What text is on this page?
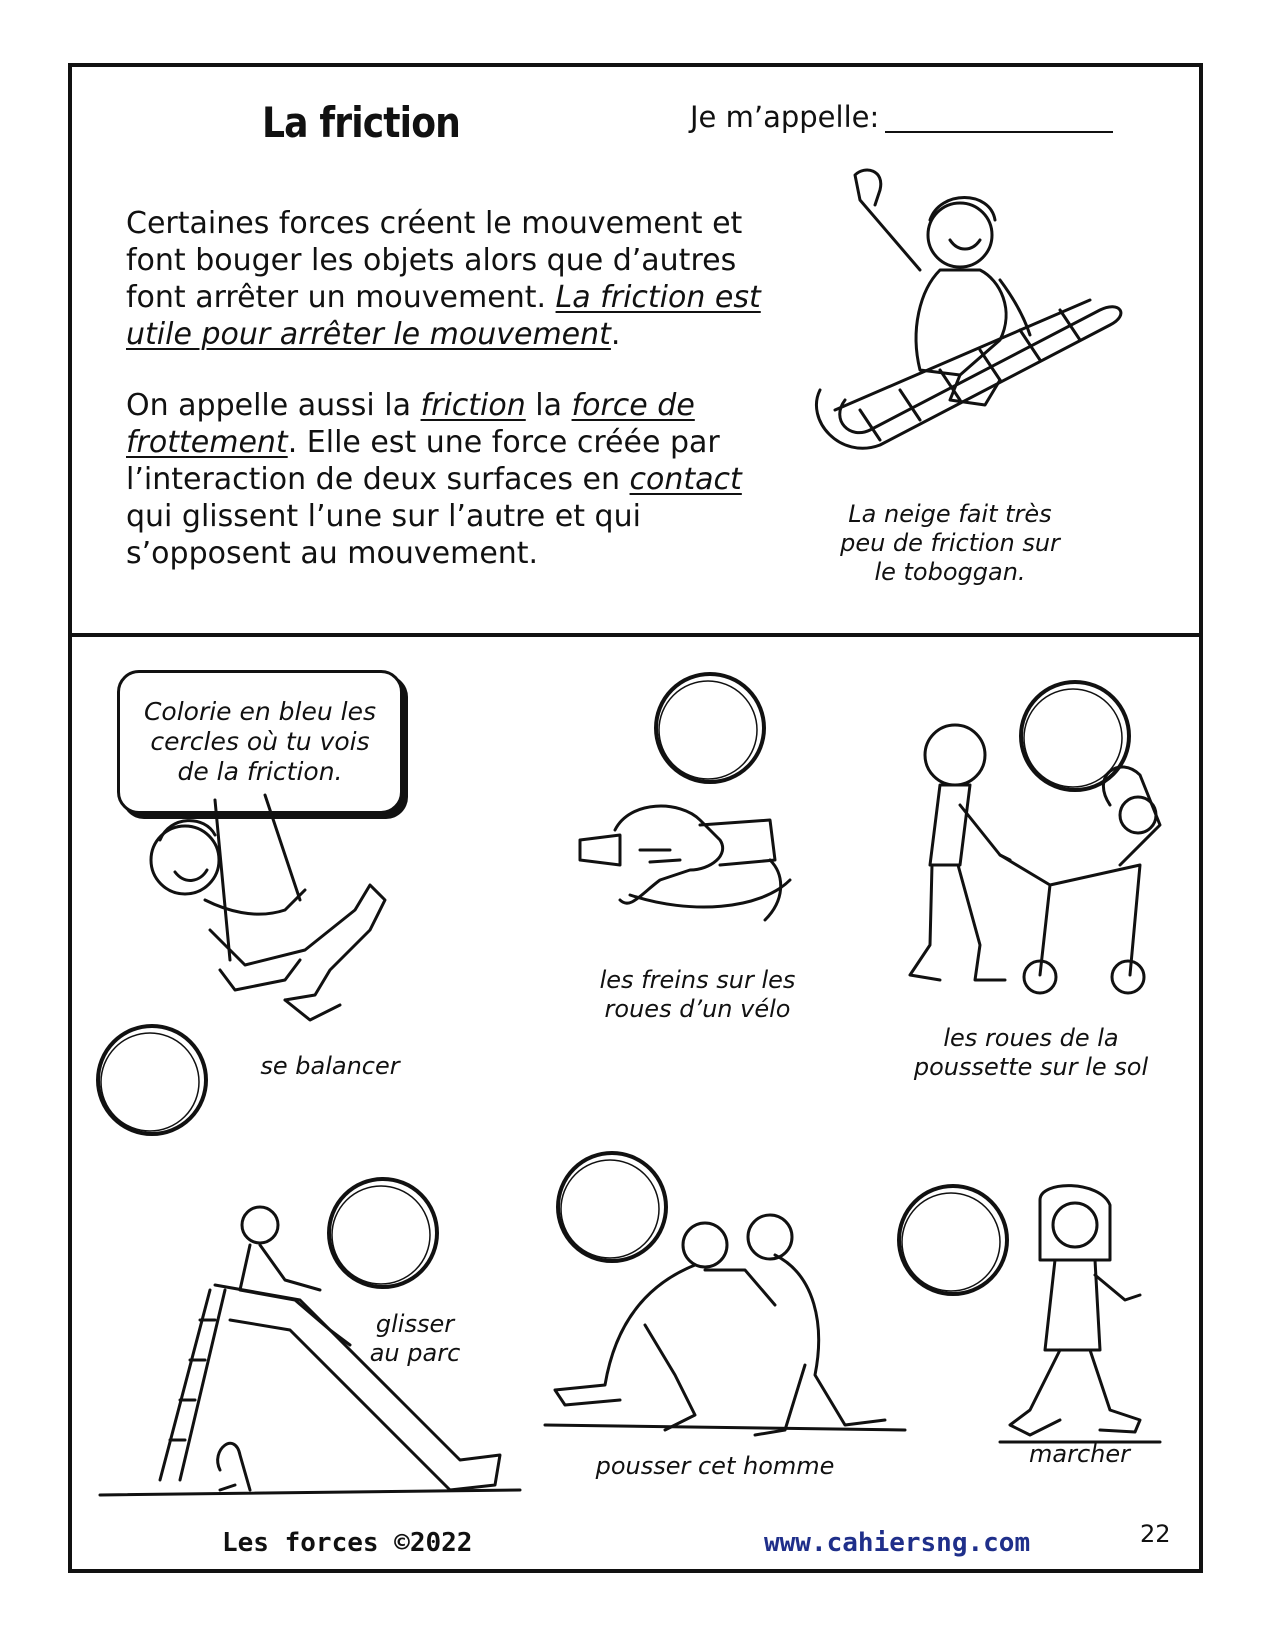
La friction	Je m’appelle:

Certaines forces créent le mouvement et font bouger les objets alors que d’autres font arrêter un mouvement. La friction est utile pour arrêter le mouvement.

On appelle aussi la friction la force de frottement. Elle est une force créée par l’interaction de deux surfaces en contact qui glissent l’une sur l’autre et qui s’opposent au mouvement.

La neige fait très
peu de friction sur
le toboggan.
Colorie en bleu les
cercles où tu vois
de la friction.
se balancer
les freins sur les
roues d’un vélo
les roues de la
poussette sur le sol
glisser
au parc
pousser cet homme	marcher
Les forces ©2022	www.cahiersng.com	22
